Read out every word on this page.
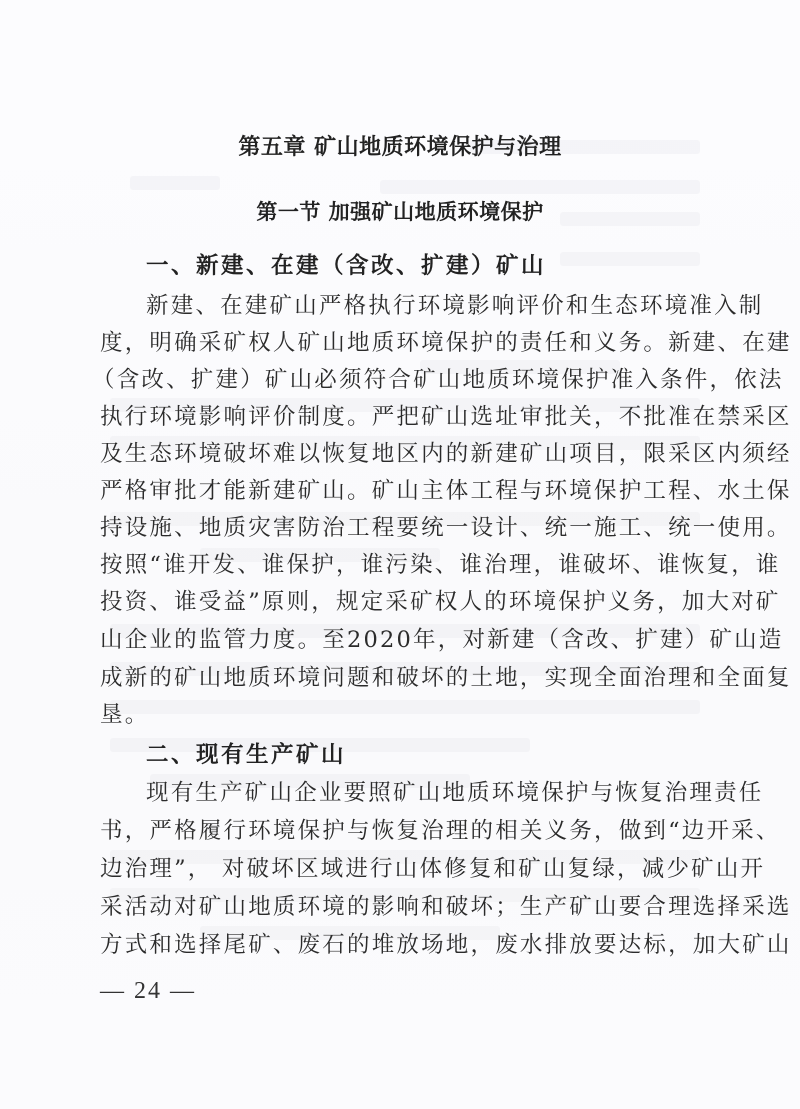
第五章 矿山地质环境保护与治理
第一节 加强矿山地质环境保护
一、新建、在建（含改、扩建）矿山
新建、在建矿山严格执行环境影响评价和生态环境准入制
度，明确采矿权人矿山地质环境保护的责任和义务。新建、在建
（含改、扩建）矿山必须符合矿山地质环境保护准入条件，依法
执行环境影响评价制度。严把矿山选址审批关，不批准在禁采区
及生态环境破坏难以恢复地区内的新建矿山项目，限采区内须经
严格审批才能新建矿山。矿山主体工程与环境保护工程、水土保
持设施、地质灾害防治工程要统一设计、统一施工、统一使用。
按照“谁开发、谁保护，谁污染、谁治理，谁破坏、谁恢复，谁
投资、谁受益”原则，规定采矿权人的环境保护义务，加大对矿
山企业的监管力度。至2020年，对新建（含改、扩建）矿山造
成新的矿山地质环境问题和破坏的土地，实现全面治理和全面复
垦。
二、现有生产矿山
现有生产矿山企业要照矿山地质环境保护与恢复治理责任
书，严格履行环境保护与恢复治理的相关义务，做到“边开采、
边治理”， 对破坏区域进行山体修复和矿山复绿，减少矿山开
采活动对矿山地质环境的影响和破坏；生产矿山要合理选择采选
方式和选择尾矿、废石的堆放场地，废水排放要达标，加大矿山
— 24 —
